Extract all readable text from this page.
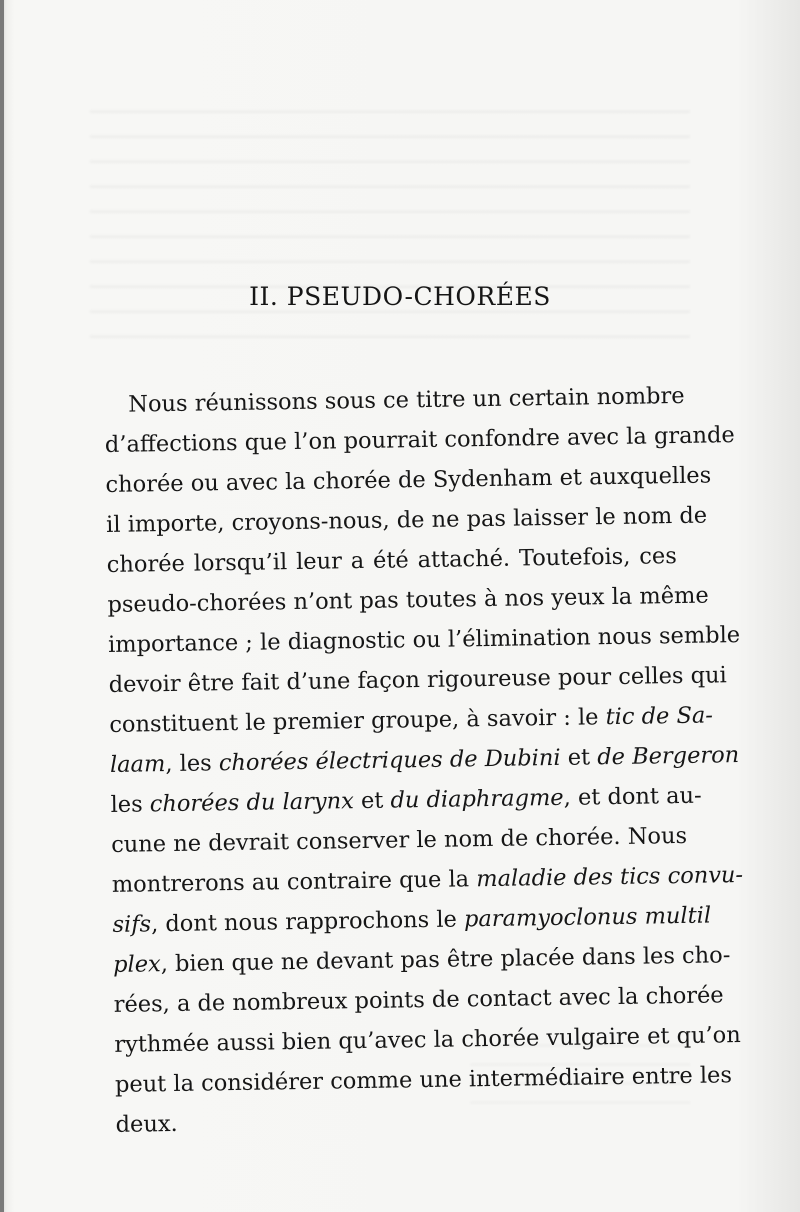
II. PSEUDO-CHORÉES
Nous réunissons sous ce titre un certain nombre
d’affections que l’on pourrait confondre avec la grande
chorée ou avec la chorée de Sydenham et auxquelles
il importe, croyons-nous, de ne pas laisser le nom de
chorée lorsqu’il leur a été attaché. Toutefois, ces
pseudo-chorées n’ont pas toutes à nos yeux la même
importance ; le diagnostic ou l’élimination nous semble
devoir être fait d’une façon rigoureuse pour celles qui
constituent le premier groupe, à savoir : le tic de Sa-
laam, les chorées électriques de Dubini et de Bergeron
les chorées du larynx et du diaphragme, et dont au-
cune ne devrait conserver le nom de chorée. Nous
montrerons au contraire que la maladie des tics convu-
sifs, dont nous rapprochons le paramyoclonus multil
plex, bien que ne devant pas être placée dans les cho-
rées, a de nombreux points de contact avec la chorée
rythmée aussi bien qu’avec la chorée vulgaire et qu’on
peut la considérer comme une intermédiaire entre les
deux.
